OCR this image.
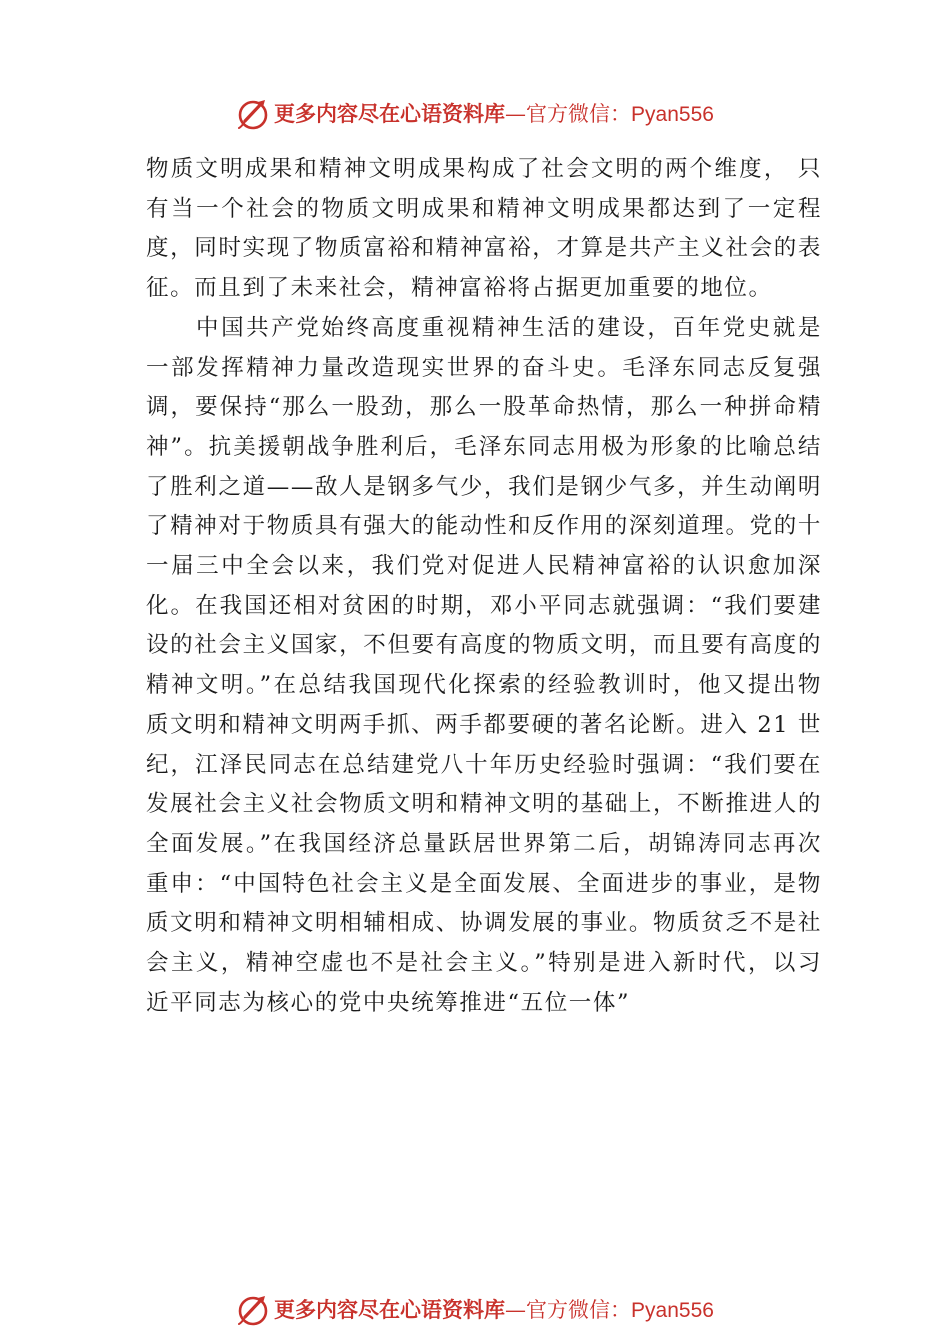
更多内容尽在心语资料库—官方微信：Pyan556

物质文明成果和精神文明成果构成了社会文明的两个维度， 只有当一个社会的物质文明成果和精神文明成果都达到了一定程度，同时实现了物质富裕和精神富裕，才算是共产主义社会的表征。而且到了未来社会，精神富裕将占据更加重要的地位。

中国共产党始终高度重视精神生活的建设，百年党史就是一部发挥精神力量改造现实世界的奋斗史。毛泽东同志反复强调，要保持“那么一股劲，那么一股革命热情，那么一种拼命精神”。抗美援朝战争胜利后，毛泽东同志用极为形象的比喻总结了胜利之道——敌人是钢多气少，我们是钢少气多，并生动阐明了精神对于物质具有强大的能动性和反作用的深刻道理。党的十一届三中全会以来，我们党对促进人民精神富裕的认识愈加深化。在我国还相对贫困的时期，邓小平同志就强调：“我们要建设的社会主义国家，不但要有高度的物质文明，而且要有高度的精神文明。”在总结我国现代化探索的经验教训时，他又提出物质文明和精神文明两手抓、两手都要硬的著名论断。进入 21 世纪，江泽民同志在总结建党八十年历史经验时强调：“我们要在发展社会主义社会物质文明和精神文明的基础上，不断推进人的全面发展。”在我国经济总量跃居世界第二后，胡锦涛同志再次重申：“中国特色社会主义是全面发展、全面进步的事业，是物质文明和精神文明相辅相成、协调发展的事业。物质贫乏不是社会主义，精神空虚也不是社会主义。”特别是进入新时代，以习近平同志为核心的党中央统筹推进“五位一体”

更多内容尽在心语资料库—官方微信：Pyan556
